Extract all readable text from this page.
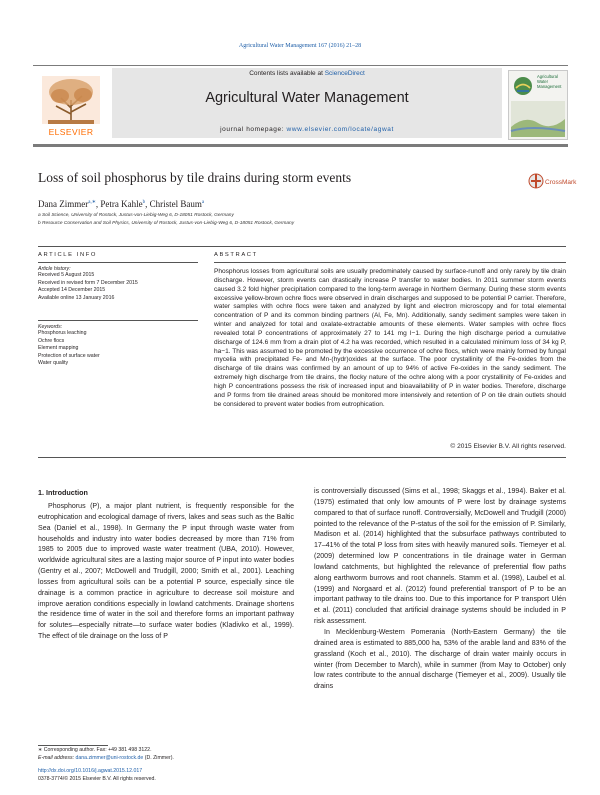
Agricultural Water Management 167 (2016) 21–28
ELSEVIER
Contents lists available at ScienceDirect
Agricultural Water Management
journal homepage: www.elsevier.com/locate/agwat
Agricultural Water Management
Loss of soil phosphorus by tile drains during storm events	CrossMark
Dana Zimmer$^{a,∗}$, Petra Kahle$^b$, Christel Baum$^a$
a Soil Science, University of Rostock, Justus-von-Liebig-Weg 6, D-18051 Rostock, Germany
b Resource Conservation and Soil Physics, University of Rostock, Justus-von-Liebig-Weg 6, D-18051 Rostock, Germany
ARTICLE INFO	ABSTRACT
Article history:
Received 5 August 2015
Received in revised form 7 December 2015
Accepted 14 December 2015
Available online 13 January 2016
Keywords:
Phosphorus leaching
Ochre flocs
Element mapping
Protection of surface water
Water quality
Phosphorus losses from agricultural soils are usually predominately caused by surface-runoff and only rarely by tile drain discharge. However, storm events can drastically increase P transfer to water bodies. In 2011 summer storm events caused 3.2 fold higher precipitation compared to the long-term average in Northern Germany. During these storm events excessive yellow-brown ochre flocs were observed in drain discharges and supposed to be potential P carrier. Therefore, water samples with ochre flocs were taken and analyzed by light and electron microscopy and for total elemental concentration of P and its common binding partners (Al, Fe, Mn). Additionally, sandy sediment samples were taken in winter and analyzed for total and oxalate-extractable amounts of these elements. Water samples with ochre flocs revealed total P concentrations of approximately 27 to 141 mg l−1. During the high discharge period a cumulative discharge of 124.6 mm from a drain plot of 4.2 ha was recorded, which resulted in a calculated minimum loss of 34 kg P, ha−1. This was assumed to be promoted by the excessive occurrence of ochre flocs, which were mainly formed by fungal mycelia with precipitated Fe- and Mn-(hydr)oxides at the surface. The poor crystallinity of the Fe-oxides from the discharge of tile drains was confirmed by an amount of up to 94% of active Fe-oxides in the sandy sediment. The extremely high discharge from tile drains, the flocky nature of the ochre along with a poor crystallinity of Fe-oxides and high P concentrations possess the risk of increased input and bioavailability of P in water bodies. Therefore, discharge and P forms from tile drained areas should be monitored more intensively and retention of P on tile drain outlets should be considered to prevent water bodies from eutrophication.
© 2015 Elsevier B.V. All rights reserved.
1. Introduction

Phosphorus (P), a major plant nutrient, is frequently responsible for the eutrophication and ecological damage of rivers, lakes and seas such as the Baltic Sea (Daniel et al., 1998). In Germany the P input through waste water from households and industry into water bodies decreased by more than 71% from 1985 to 2005 due to improved waste water treatment (UBA, 2010). However, worldwide agricultural sites are a lasting major source of P input into water bodies (Gentry et al., 2007; McDowell and Trudgill, 2000; Smith et al., 2001). Leaching losses from agricultural soils can be a potential P source, especially since tile drainage is a common practice in agriculture to decrease soil moisture and improve aeration conditions especially in lowland catchments. Drainage shortens the residence time of water in the soil and therefore forms an important pathway for solutes—especially nitrate—to surface water bodies (Kladivko et al., 1999). The effect of tile drainage on the loss of P

is controversially discussed (Sims et al., 1998; Skaggs et al., 1994). Baker et al. (1975) estimated that only low amounts of P were lost by drainage systems compared to that of surface runoff. Controversially, McDowell and Trudgill (2000) pointed to the relevance of the P-status of the soil for the emission of P. Similarly, Madison et al. (2014) highlighted that the subsurface pathways contributed to 17–41% of the total P loss from sites with heavily manured soils. Tiemeyer et al. (2009) determined low P concentrations in tile drainage water in German lowland catchments, but highlighted the relevance of preferential flow paths along earthworm burrows and root channels. Stamm et al. (1998), Laubel et al. (1999) and Norgaard et al. (2012) found preferential transport of P to be an important pathway to tile drains too. Due to this importance for P transport Ulén et al. (2011) concluded that artificial drainage systems should be included in P risk assessment.

In Mecklenburg-Western Pomerania (North-Eastern Germany) the tile drained area is estimated to 885,000 ha, 53% of the arable land and 83% of the grassland (Koch et al., 2010). The discharge of drain water mainly occurs in winter (from December to March), while in summer (from May to October) only low rates contribute to the annual discharge (Tiemeyer et al., 2009). Usually tile drains

∗ Corresponding author. Fax: +49 381 498 3122.
E-mail address: dana.zimmer@uni-rostock.de (D. Zimmer).
http://dx.doi.org/10.1016/j.agwat.2015.12.017
0378-3774/© 2015 Elsevier B.V. All rights reserved.
